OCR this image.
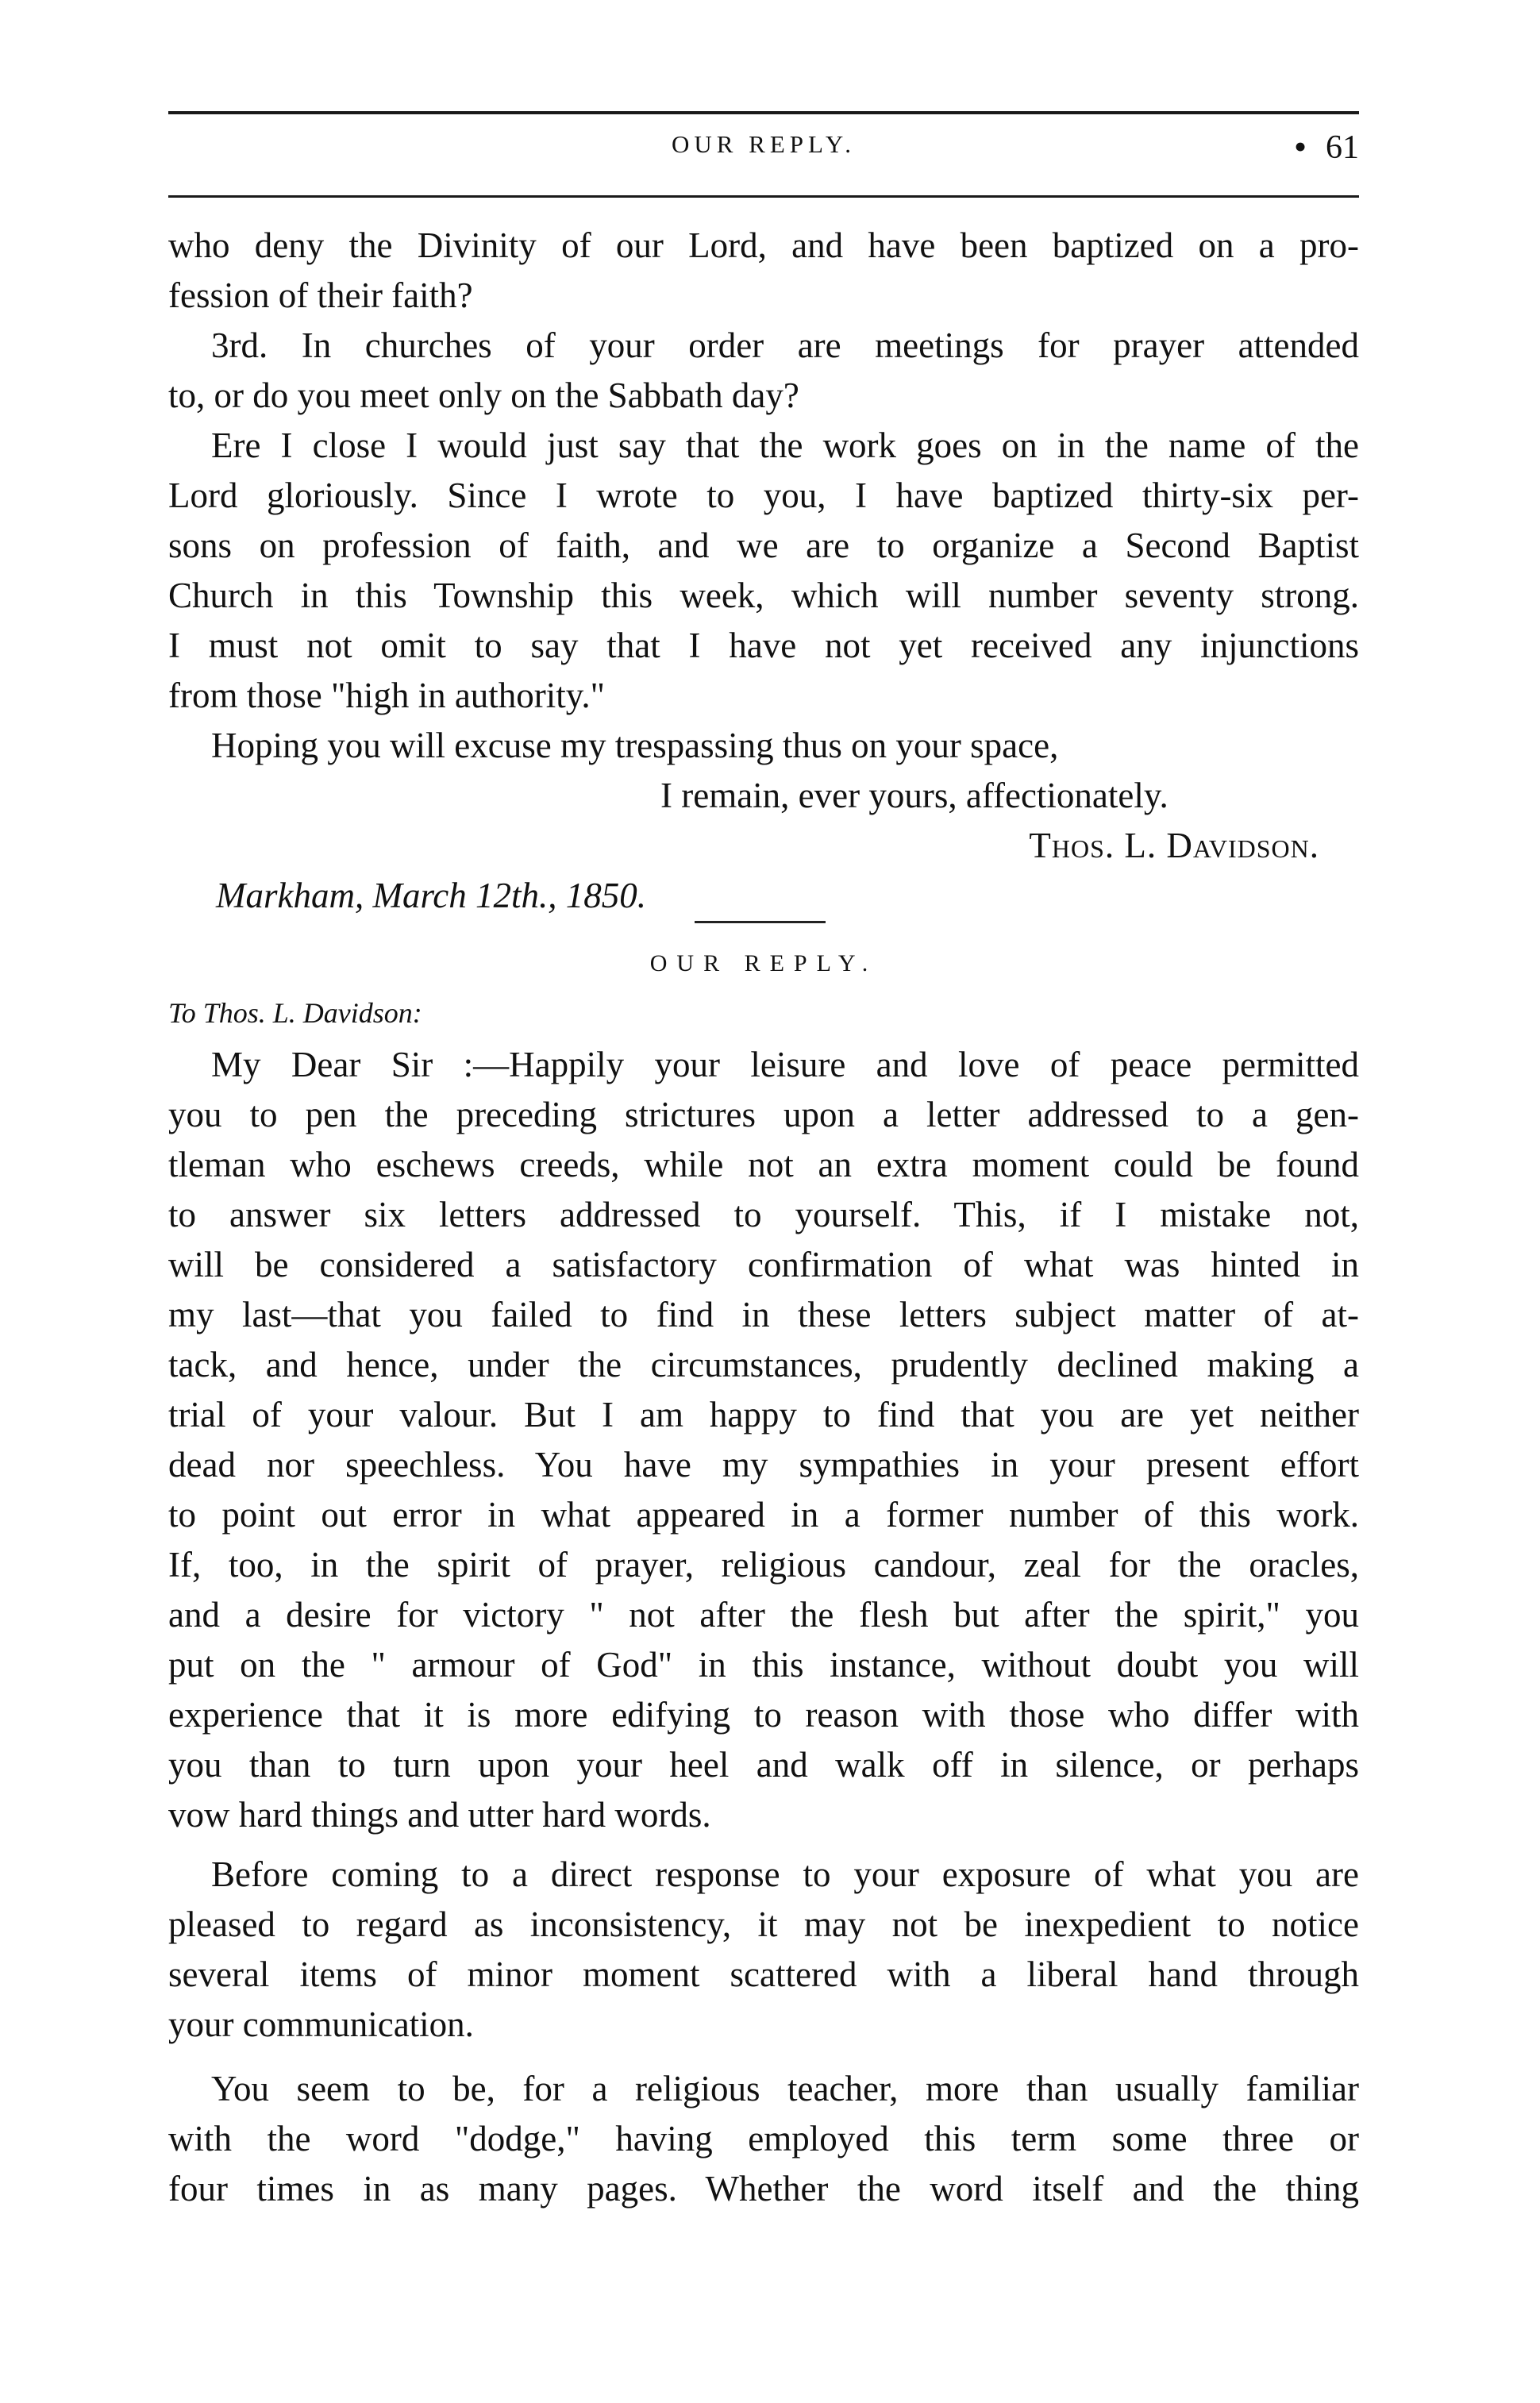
OUR REPLY.	• 61
who deny the Divinity of our Lord, and have been baptized on a pro-
fession of their faith?
3rd. In churches of your order are meetings for prayer attended
to, or do you meet only on the Sabbath day?
Ere I close I would just say that the work goes on in the name of the
Lord gloriously. Since I wrote to you, I have baptized thirty-six per-
sons on profession of faith, and we are to organize a Second Baptist
Church in this Township this week, which will number seventy strong.
I must not omit to say that I have not yet received any injunctions
from those "high in authority."
Hoping you will excuse my trespassing thus on your space,
I remain, ever yours, affectionately.
Thos. L. Davidson.
Markham, March 12th., 1850.
OUR REPLY.
To Thos. L. Davidson:
My Dear Sir :—Happily your leisure and love of peace permitted
you to pen the preceding strictures upon a letter addressed to a gen-
tleman who eschews creeds, while not an extra moment could be found
to answer six letters addressed to yourself. This, if I mistake not,
will be considered a satisfactory confirmation of what was hinted in
my last—that you failed to find in these letters subject matter of at-
tack, and hence, under the circumstances, prudently declined making a
trial of your valour. But I am happy to find that you are yet neither
dead nor speechless. You have my sympathies in your present effort
to point out error in what appeared in a former number of this work.
If, too, in the spirit of prayer, religious candour, zeal for the oracles,
and a desire for victory " not after the flesh but after the spirit," you
put on the " armour of God" in this instance, without doubt you will
experience that it is more edifying to reason with those who differ with
you than to turn upon your heel and walk off in silence, or perhaps
vow hard things and utter hard words.
Before coming to a direct response to your exposure of what you are
pleased to regard as inconsistency, it may not be inexpedient to notice
several items of minor moment scattered with a liberal hand through
your communication.
You seem to be, for a religious teacher, more than usually familiar
with the word "dodge," having employed this term some three or
four times in as many pages. Whether the word itself and the thing
